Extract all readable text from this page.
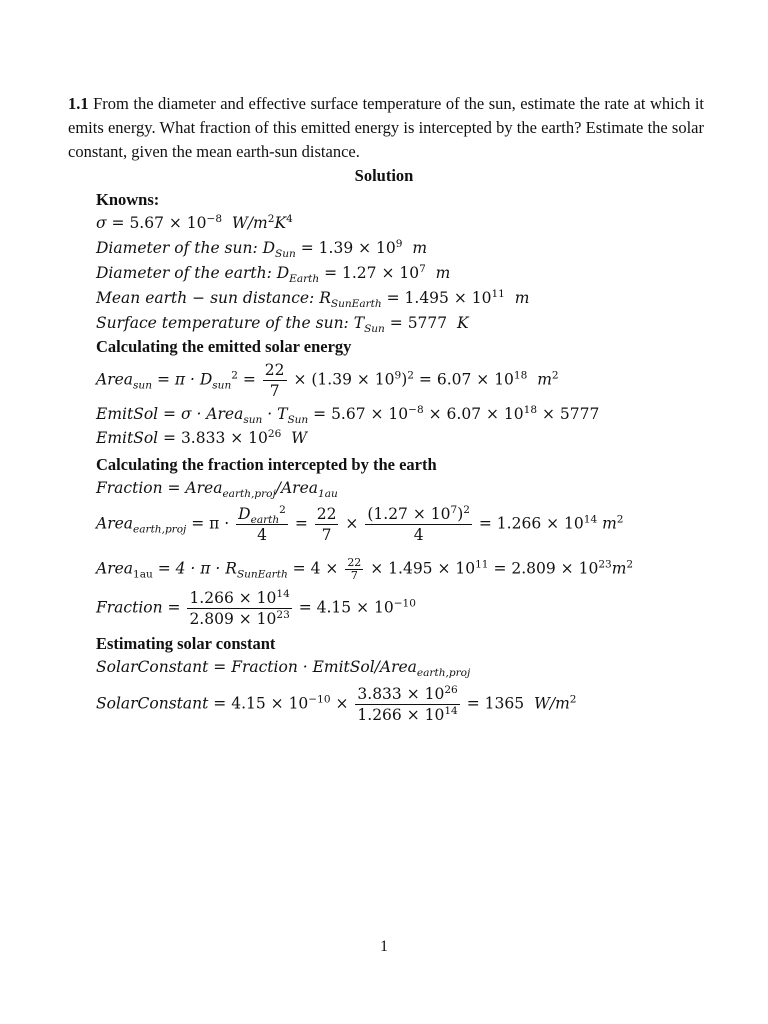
1.1 From the diameter and effective surface temperature of the sun, estimate the rate at which it emits energy. What fraction of this emitted energy is intercepted by the earth? Estimate the solar constant, given the mean earth-sun distance.
Solution
Knowns:
$\sigma = 5.67 \times 10^{-8}$ $W/m^2K^4$
Diameter of the sun: $D_{Sun} = 1.39 \times 10^9$ m
Diameter of the earth: $D_{Earth} = 1.27 \times 10^7$ m
Mean earth − sun distance: $R_{SunEarth} = 1.495 \times 10^{11}$ m
Surface temperature of the sun: $T_{Sun} = 5777$ K
Calculating the emitted solar energy
Area$_{sun}$ = $\pi \cdot D_{sun}^2 = \frac{22}{7} \times (1.39 \times 10^9)^2 = 6.07 \times 10^{18}$ $m^2$
EmitSol = σ · Area$_{sun}$ · $T_{Sun} = 5.67 \times 10^{-8} \times 6.07 \times 10^{18} \times 5777$
EmitSol = $3.833 \times 10^{26}$ W
Calculating the fraction intercepted by the earth
Fraction = Area$_{earth,proj}$/Area$_{1au}$
Area$_{earth,proj}$ = $\pi \cdot \frac{D_{earth}^2}{4} = \frac{22}{7} \times \frac{(1.27 \times 10^7)^2}{4} = 1.266 \times 10^{14}$ $m^2$
Area$_{1au}$ = $4 \cdot \pi \cdot R_{SunEarth} = 4 \times \frac{22}{7} \times 1.495 \times 10^{11} = 2.809 \times 10^{23}m^2$
Fraction = $\frac{1.266 \times 10^{14}}{2.809 \times 10^{23}} = 4.15 \times 10^{-10}$
Estimating solar constant
SolarConstant = Fraction · EmitSol/Area$_{earth,proj}$
SolarConstant = $4.15 \times 10^{-10} \times \frac{3.833 \times 10^{26}}{1.266 \times 10^{14}} = 1365$ $W/m^2$
1
